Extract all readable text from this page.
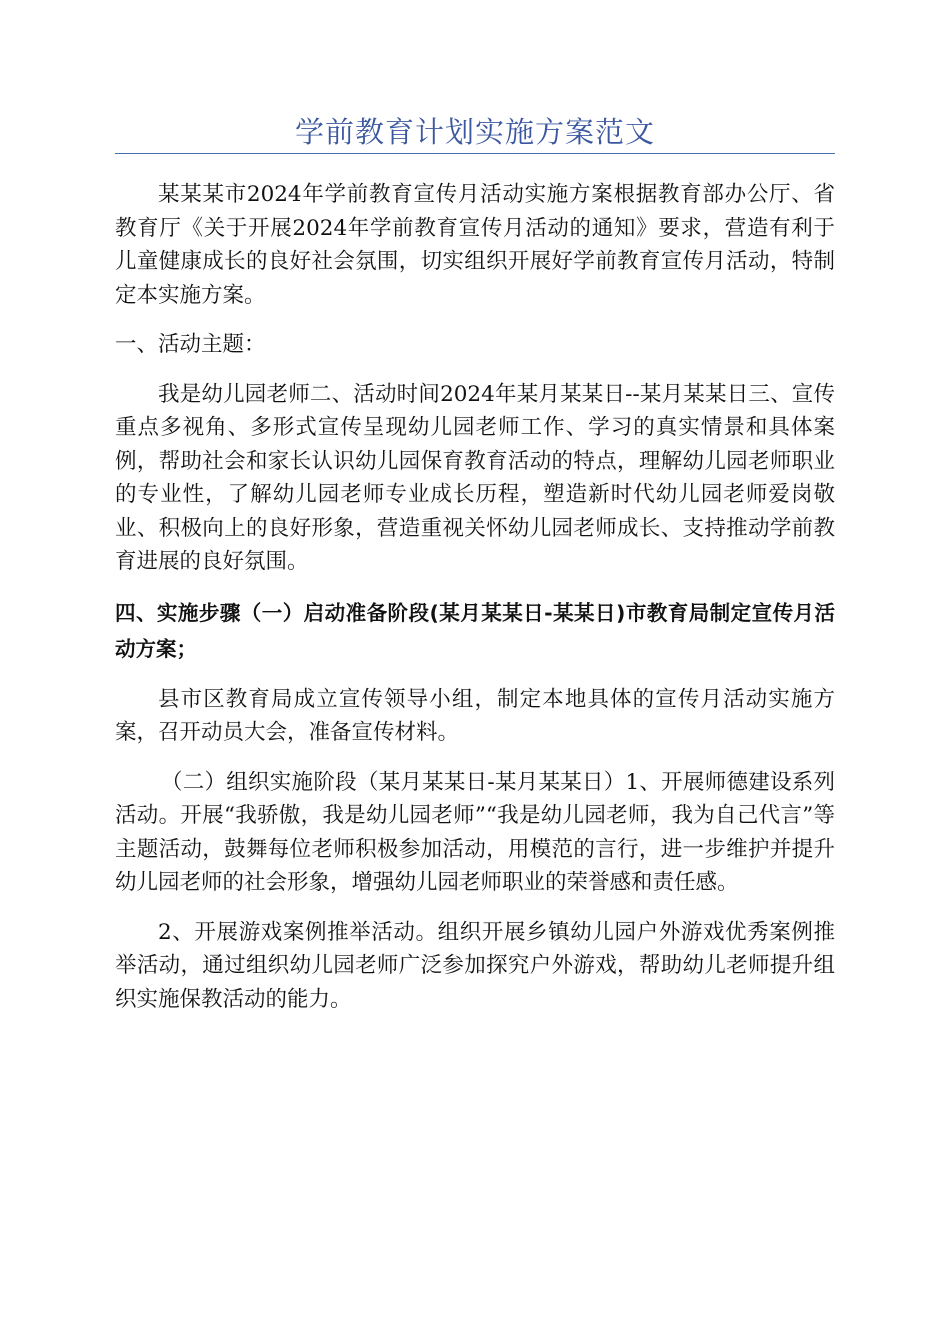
学前教育计划实施方案范文

某某某市2024年学前教育宣传月活动实施方案根据教育部办公厅、省教育厅《关于开展2024年学前教育宣传月活动的通知》要求，营造有利于儿童健康成长的良好社会氛围，切实组织开展好学前教育宣传月活动，特制定本实施方案。

一、活动主题：

我是幼儿园老师二、活动时间2024年某月某某日--某月某某日三、宣传重点多视角、多形式宣传呈现幼儿园老师工作、学习的真实情景和具体案例，帮助社会和家长认识幼儿园保育教育活动的特点，理解幼儿园老师职业的专业性，了解幼儿园老师专业成长历程，塑造新时代幼儿园老师爱岗敬业、积极向上的良好形象，营造重视关怀幼儿园老师成长、支持推动学前教育进展的良好氛围。

四、实施步骤（一）启动准备阶段(某月某某日-某某日)市教育局制定宣传月活动方案；

县市区教育局成立宣传领导小组，制定本地具体的宣传月活动实施方案，召开动员大会，准备宣传材料。

（二）组织实施阶段（某月某某日-某月某某日）1、开展师德建设系列活动。开展“我骄傲，我是幼儿园老师”“我是幼儿园老师，我为自己代言”等主题活动，鼓舞每位老师积极参加活动，用模范的言行，进一步维护并提升幼儿园老师的社会形象，增强幼儿园老师职业的荣誉感和责任感。

2、开展游戏案例推举活动。组织开展乡镇幼儿园户外游戏优秀案例推举活动，通过组织幼儿园老师广泛参加探究户外游戏，帮助幼儿老师提升组织实施保教活动的能力。
